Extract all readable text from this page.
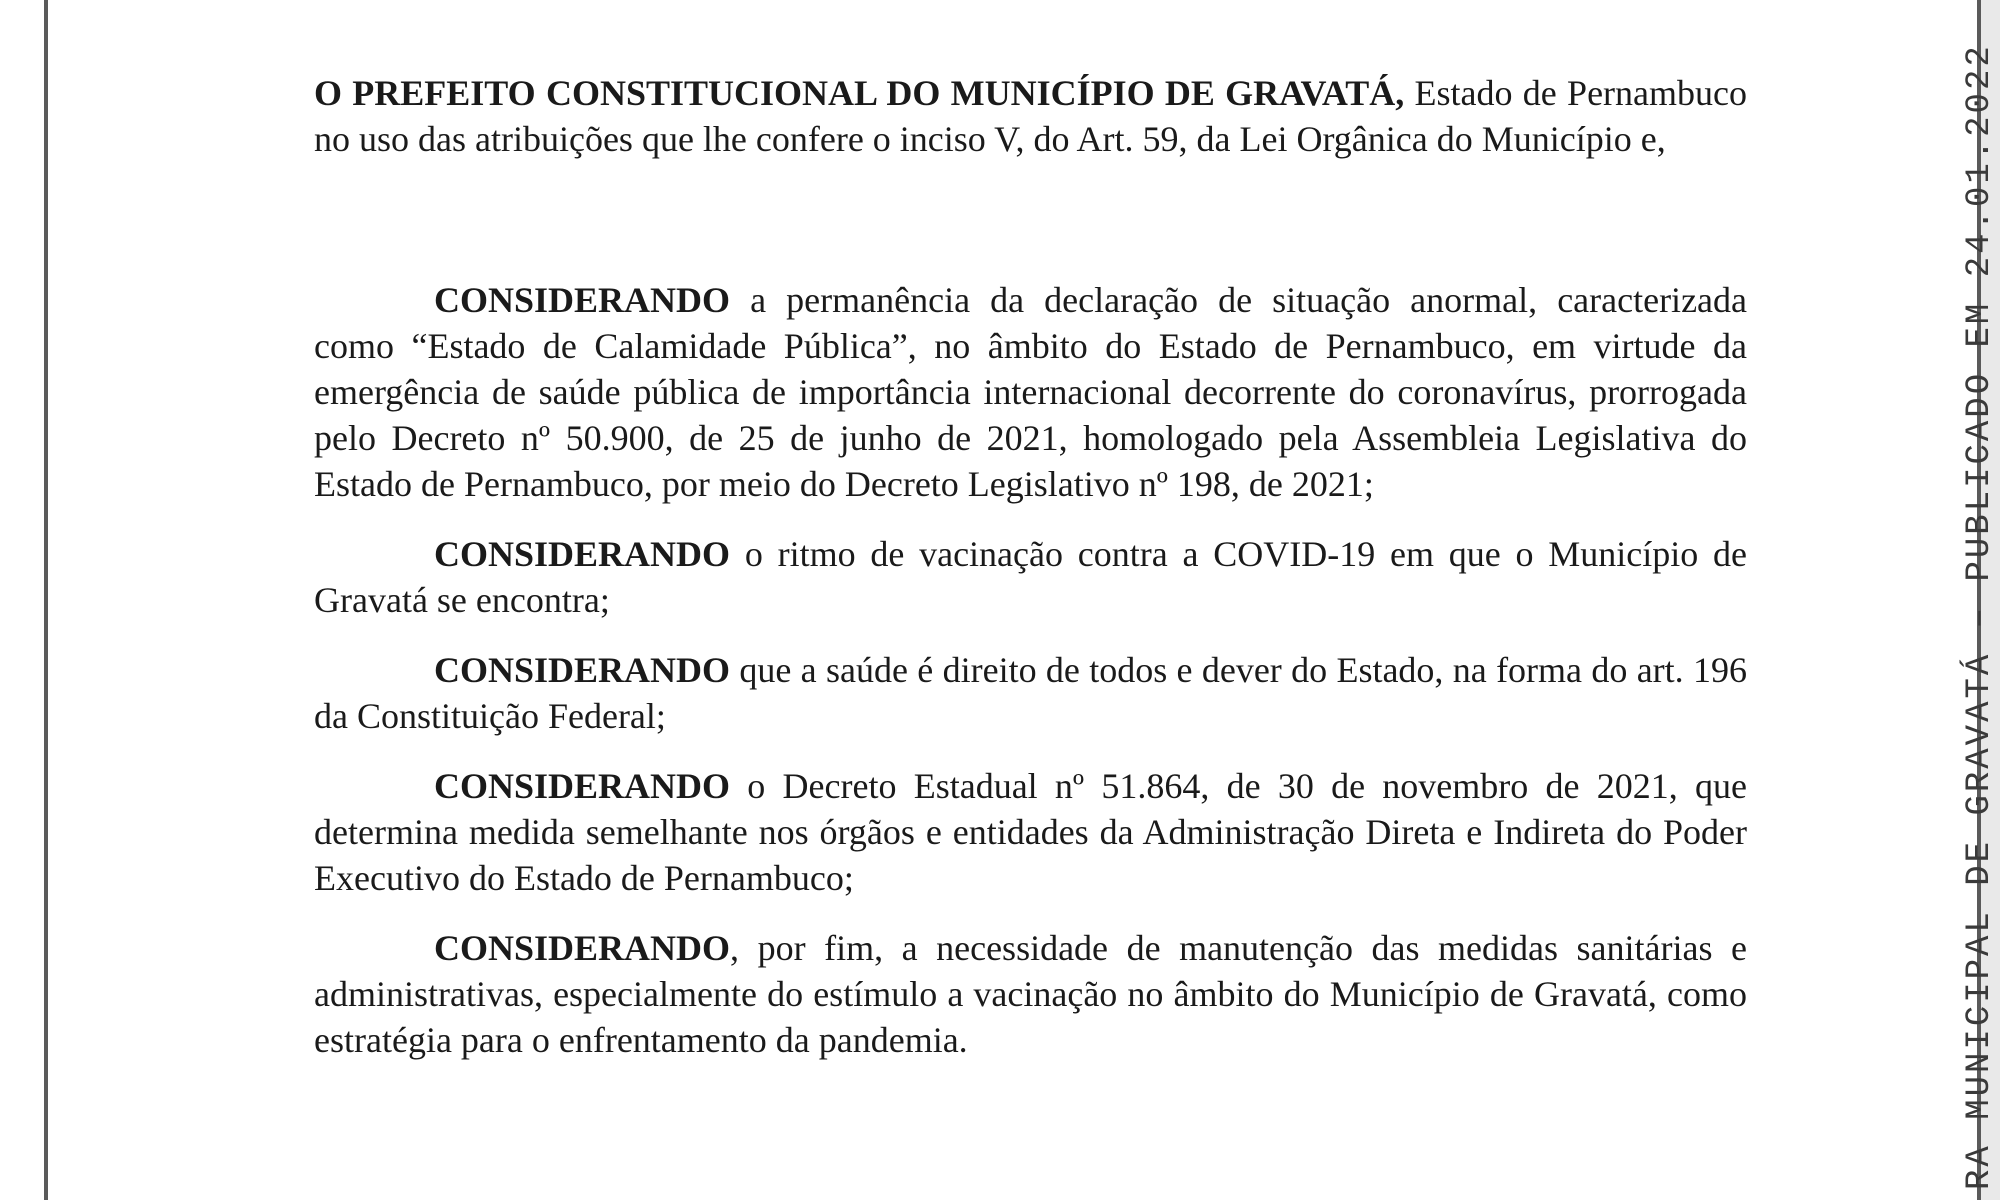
O PREFEITO CONSTITUCIONAL DO MUNICÍPIO DE GRAVATÁ, Estado de Pernambuco no uso das atribuições que lhe confere o inciso V, do Art. 59, da Lei Orgânica do Município e,

CONSIDERANDO a permanência da declaração de situação anormal, caracterizada como “Estado de Calamidade Pública”, no âmbito do Estado de Pernambuco, em virtude da emergência de saúde pública de importância internacional decorrente do coronavírus, prorrogada pelo Decreto nº 50.900, de 25 de junho de 2021, homologado pela Assembleia Legislativa do Estado de Pernambuco, por meio do Decreto Legislativo nº 198, de 2021;

CONSIDERANDO o ritmo de vacinação contra a COVID-19 em que o Município de Gravatá se encontra;

CONSIDERANDO que a saúde é direito de todos e dever do Estado, na forma do art. 196 da Constituição Federal;

CONSIDERANDO o Decreto Estadual nº 51.864, de 30 de novembro de 2021, que determina medida semelhante nos órgãos e entidades da Administração Direta e Indireta do Poder Executivo do Estado de Pernambuco;

CONSIDERANDO, por fim, a necessidade de manutenção das medidas sanitárias e administrativas, especialmente do estímulo a vacinação no âmbito do Município de Gravatá, como estratégia para o enfrentamento da pandemia.	RA MUNICIPAL DE GRAVATÁ – PUBLICADO EM 24.01.2022
